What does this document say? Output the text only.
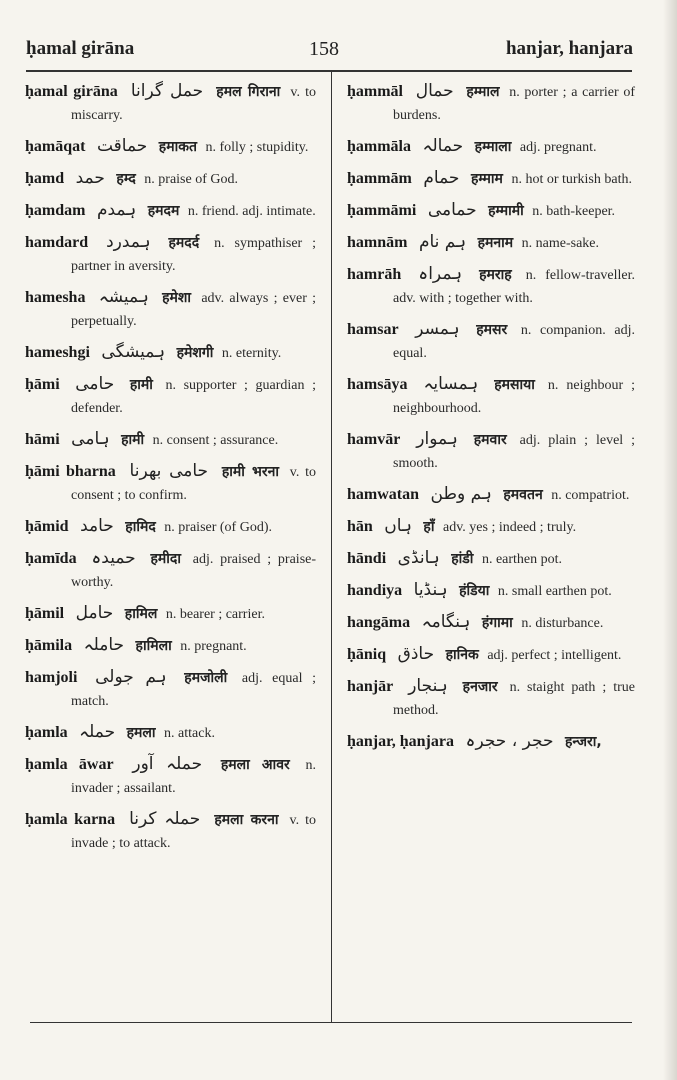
ḥamal girāna	158	hanjar, hanjara
ḥamal girāna حمل گرانا हमल गिराना v. to miscarry.
ḥamāqat حماقت हमाकत n. folly ; stupidity.
ḥamd حمد हम्द n. praise of God.
ḥamdam ہمدم हमदम n. friend. adj. intimate.
hamdard ہمدرد हमदर्द n. sympathiser ; partner in aversity.
hamesha ہمیشہ हमेशा adv. always ; ever ; perpetually.
hameshgi ہمیشگی हमेशगी n. eternity.
ḥāmi حامی हामी n. supporter ; guardian ; defender.
hāmi ہامی हामी n. consent ; assurance.
ḥāmi bharna حامی بھرنا हामी भरना v. to consent ; to confirm.
ḥāmid حامد हामिद n. praiser (of God).
ḥamīda حمیدہ हमीदा adj. praised ; praise-worthy.
ḥāmil حامل हामिल n. bearer ; carrier.
ḥāmila حاملہ हामिला n. pregnant.
hamjoli ہم جولی हमजोली adj. equal ; match.
ḥamla حملہ हमला n. attack.
ḥamla āwar حملہ آور हमला आवर n. invader ; assailant.
ḥamla karna حملہ کرنا हमला करना v. to invade ; to attack.
ḥammāl حمال हम्माल n. porter ; a carrier of burdens.
ḥammāla حمالہ हम्माला adj. pregnant.
ḥammām حمام हम्माम n. hot or turkish bath.
ḥammāmi حمامی हम्मामी n. bath-keeper.
hamnām ہم نام हमनाम n. name-sake.
hamrāh ہمراہ हमराह n. fellow-traveller. adv. with ; together with.
hamsar ہمسر हमसर n. companion. adj. equal.
hamsāya ہمسایہ हमसाया n. neighbour ; neighbourhood.
hamvār ہموار हमवार adj. plain ; level ; smooth.
hamwatan ہم وطن हमवतन n. compatriot.
hān ہاں हाँ adv. yes ; indeed ; truly.
hāndi ہانڈی हांडी n. earthen pot.
handiya ہنڈیا हंडिया n. small earthen pot.
hangāma ہنگامہ हंगामा n. disturbance.
ḥāniq حاذق हानिक adj. perfect ; intelligent.
hanjār ہنجار हनजार n. staight path ; true method.
ḥanjar, ḥanjara حجر ، حجرہ हन्जरा,
